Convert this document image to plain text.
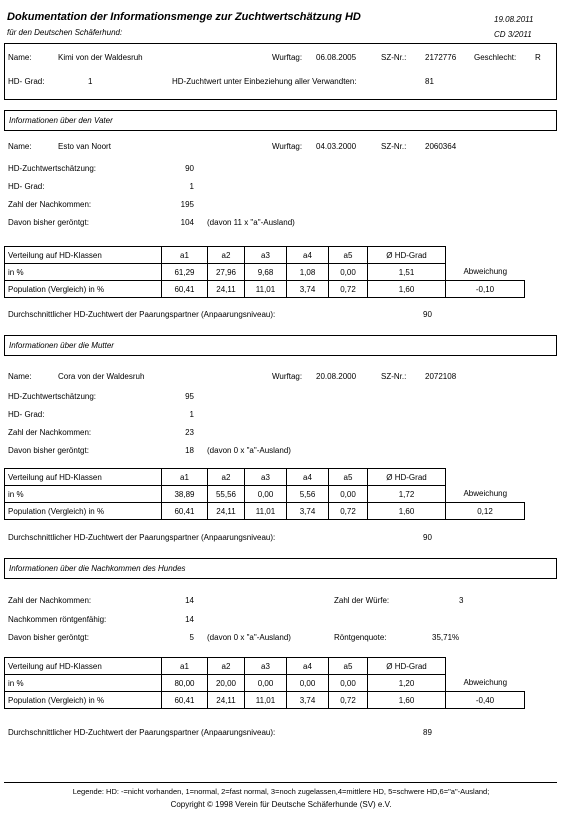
Dokumentation der Informationsmenge zur Zuchtwertschätzung HD
für den Deutschen Schäferhund:
19.08.2011
CD 3/2011
Name:	Kimi von der Waldesruh	Wurftag: 06.08.2005	SZ-Nr.: 2172776 Geschlecht: R
HD- Grad:	1	HD-Zuchtwert unter Einbeziehung aller Verwandten:	81
Informationen über den Vater
Name:	Esto van Noort	Wurftag: 04.03.2000	SZ-Nr.: 2060364
HD-Zuchtwertschätzung:	90
HD- Grad:	1
Zahl der Nachkommen:	195
Davon bisher geröntgt:	104 (davon 11 x "a"-Ausland)
Verteilung auf HD-Klassen	a1	a2	a3	a4	a5	Ø HD-Grad	
in %	61,29	27,96	9,68	1,08	0,00	1,51	Abweichung
Population (Vergleich) in %	60,41	24,11	11,01	3,74	0,72	1,60	-0,10
Durchschnittlicher HD-Zuchtwert der Paarungspartner (Anpaarungsniveau):	90
Informationen über die Mutter
Name:	Cora von der Waldesruh	Wurftag: 20.08.2000	SZ-Nr.: 2072108
HD-Zuchtwertschätzung:	95
HD- Grad:	1
Zahl der Nachkommen:	23
Davon bisher geröntgt:	18 (davon 0 x "a"-Ausland)
Verteilung auf HD-Klassen	a1	a2	a3	a4	a5	Ø HD-Grad	
in %	38,89	55,56	0,00	5,56	0,00	1,72	Abweichung
Population (Vergleich) in %	60,41	24,11	11,01	3,74	0,72	1,60	0,12
Durchschnittlicher HD-Zuchtwert der Paarungspartner (Anpaarungsniveau):	90
Informationen über die Nachkommen des Hundes
Zahl der Nachkommen:	14	Zahl der Würfe:	3
Nachkommen röntgenfähig:	14
Davon bisher geröntgt:	5 (davon 0 x "a"-Ausland)	Röntgenquote:	35,71%
Verteilung auf HD-Klassen	a1	a2	a3	a4	a5	Ø HD-Grad	
in %	80,00	20,00	0,00	0,00	0,00	1,20	Abweichung
Population (Vergleich) in %	60,41	24,11	11,01	3,74	0,72	1,60	-0,40
Durchschnittlicher HD-Zuchtwert der Paarungspartner (Anpaarungsniveau):	89
Legende: HD: -=nicht vorhanden, 1=normal, 2=fast normal, 3=noch zugelassen,4=mittlere HD, 5=schwere HD,6="a"-Ausland;
Copyright © 1998 Verein für Deutsche Schäferhunde (SV) e.V.
